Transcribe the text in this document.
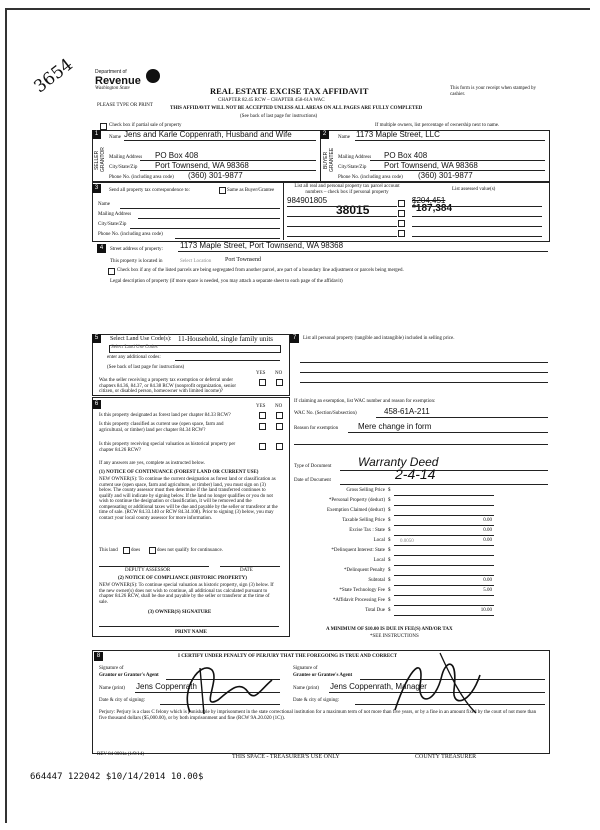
3654	Department of
Revenue
Washington State
PLEASE TYPE OR PRINT
REAL ESTATE EXCISE TAX AFFIDAVIT
CHAPTER 82.45 RCW – CHAPTER 458-61A WAC
THIS AFFIDAVIT WILL NOT BE ACCEPTED UNLESS ALL AREAS ON ALL PAGES ARE FULLY COMPLETED
(See back of last page for instructions)
This form is your receipt when stamped by cashier.
Check box if partial sale of property	If multiple owners, list percentage of ownership next to name.
1	2
SELLER GRANTOR	BUYER GRANTEE
Name Jens and Karle Coppenrath, Husband and Wife
Mailing Address PO Box 408
City/State/Zip Port Townsend, WA 98368
Phone No. (including area code) (360) 301-9877
Name 1173 Maple Street, LLC
Mailing Address PO Box 408
City/State/Zip Port Townsend, WA 98368
Phone No. (including area code) (360) 301-9877
3	Send all property tax correspondence to:	Same as Buyer/Grantee
Name
Mailing Address
City/State/Zip
Phone No. (including area code)
List all real and personal property tax parcel account numbers – check box if personal property	List assessed value(s)
984901805
38015
$204,451
*187,384
4	Street address of property: 1173 Maple Street, Port Townsend, WA 98368
This property is located in	Select Location Port Townsend
Check box if any of the listed parcels are being segregated from another parcel, are part of a boundary line adjustment or parcels being merged.
Legal description of property (if more space is needed, you may attach a separate sheet to each page of the affidavit)
5	Select Land Use Code(s): 11-Household, single family units
Select Land Use Codes
enter any additional codes:
(See back of last page for instructions)
YES NO
Was the seller receiving a property tax exemption or deferral under chapters 84.36, 84.37, or 84.38 RCW (nonprofit organization, senior citizen, or disabled person, homeowner with limited income)?
6	YES NO
Is this property designated as forest land per chapter 84.33 RCW?
Is this property classified as current use (open space, farm and agricultural, or timber) land per chapter 84.34 RCW?
Is this property receiving special valuation as historical property per chapter 84.26 RCW?
If any answers are yes, complete as instructed below.
(1) NOTICE OF CONTINUANCE (FOREST LAND OR CURRENT USE)
NEW OWNER(S): To continue the current designation as forest land or classification as current use (open space, farm and agriculture, or timber) land, you must sign on (3) below. The county assessor must then determine if the land transferred continues to qualify and will indicate by signing below. If the land no longer qualifies or you do not wish to continue the designation or classification, it will be removed and the compensating or additional taxes will be due and payable by the seller or transferor at the time of sale. (RCW 84.33.140 or RCW 84.34.108). Prior to signing (3) below, you may contact your local county assessor for more information.
This land	does	does not qualify for continuance.
DEPUTY ASSESSOR	DATE
(2) NOTICE OF COMPLIANCE (HISTORIC PROPERTY)
NEW OWNER(S): To continue special valuation as historic property, sign (3) below. If the new owner(s) does not wish to continue, all additional tax calculated pursuant to chapter 84.26 RCW, shall be due and payable by the seller or transferor at the time of sale.
(3) OWNER(S) SIGNATURE
PRINT NAME
7	List all personal property (tangible and intangible) included in selling price.
If claiming an exemption, list WAC number and reason for exemption:
WAC No. (Section/Subsection)	458-61A-211
Reason for exemption Mere change in form
Type of Document Warranty Deed
Date of Document	2-4-14
Gross Selling Price $
*Personal Property (deduct) $
Exemption Claimed (deduct) $
Taxable Selling Price $	0.00
Excise Tax : State $	0.00
Local $	0.00
*Delinquent Interest: State $
Local $
*Delinquent Penalty $
Subtotal $	0.00
*State Technology Fee $	5.00
*Affidavit Processing Fee $
Total Due $	10.00
0.0050
A MINIMUM OF $10.00 IS DUE IN FEE(S) AND/OR TAX
*SEE INSTRUCTIONS
8	I CERTIFY UNDER PENALTY OF PERJURY THAT THE FOREGOING IS TRUE AND CORRECT
Signature of
Grantor or Grantor's Agent
Name (print) Jens Coppenrath
Date & city of signing:
Signature of
Grantee or Grantee's Agent
Name (print) Jens Coppenrath, Manager
Date & city of signing:
Perjury: Perjury is a class C felony which is punishable by imprisonment in the state correctional institution for a maximum term of not more than five years, or by a fine in an amount fixed by the court of not more than five thousand dollars ($5,000.00), or by both imprisonment and fine (RCW 9A.20.020 (1C)).
REV 84 0001a (1/9/14)	THIS SPACE - TREASURER'S USE ONLY	COUNTY TREASURER
664447 122042 $10/14/2014 10.00$
